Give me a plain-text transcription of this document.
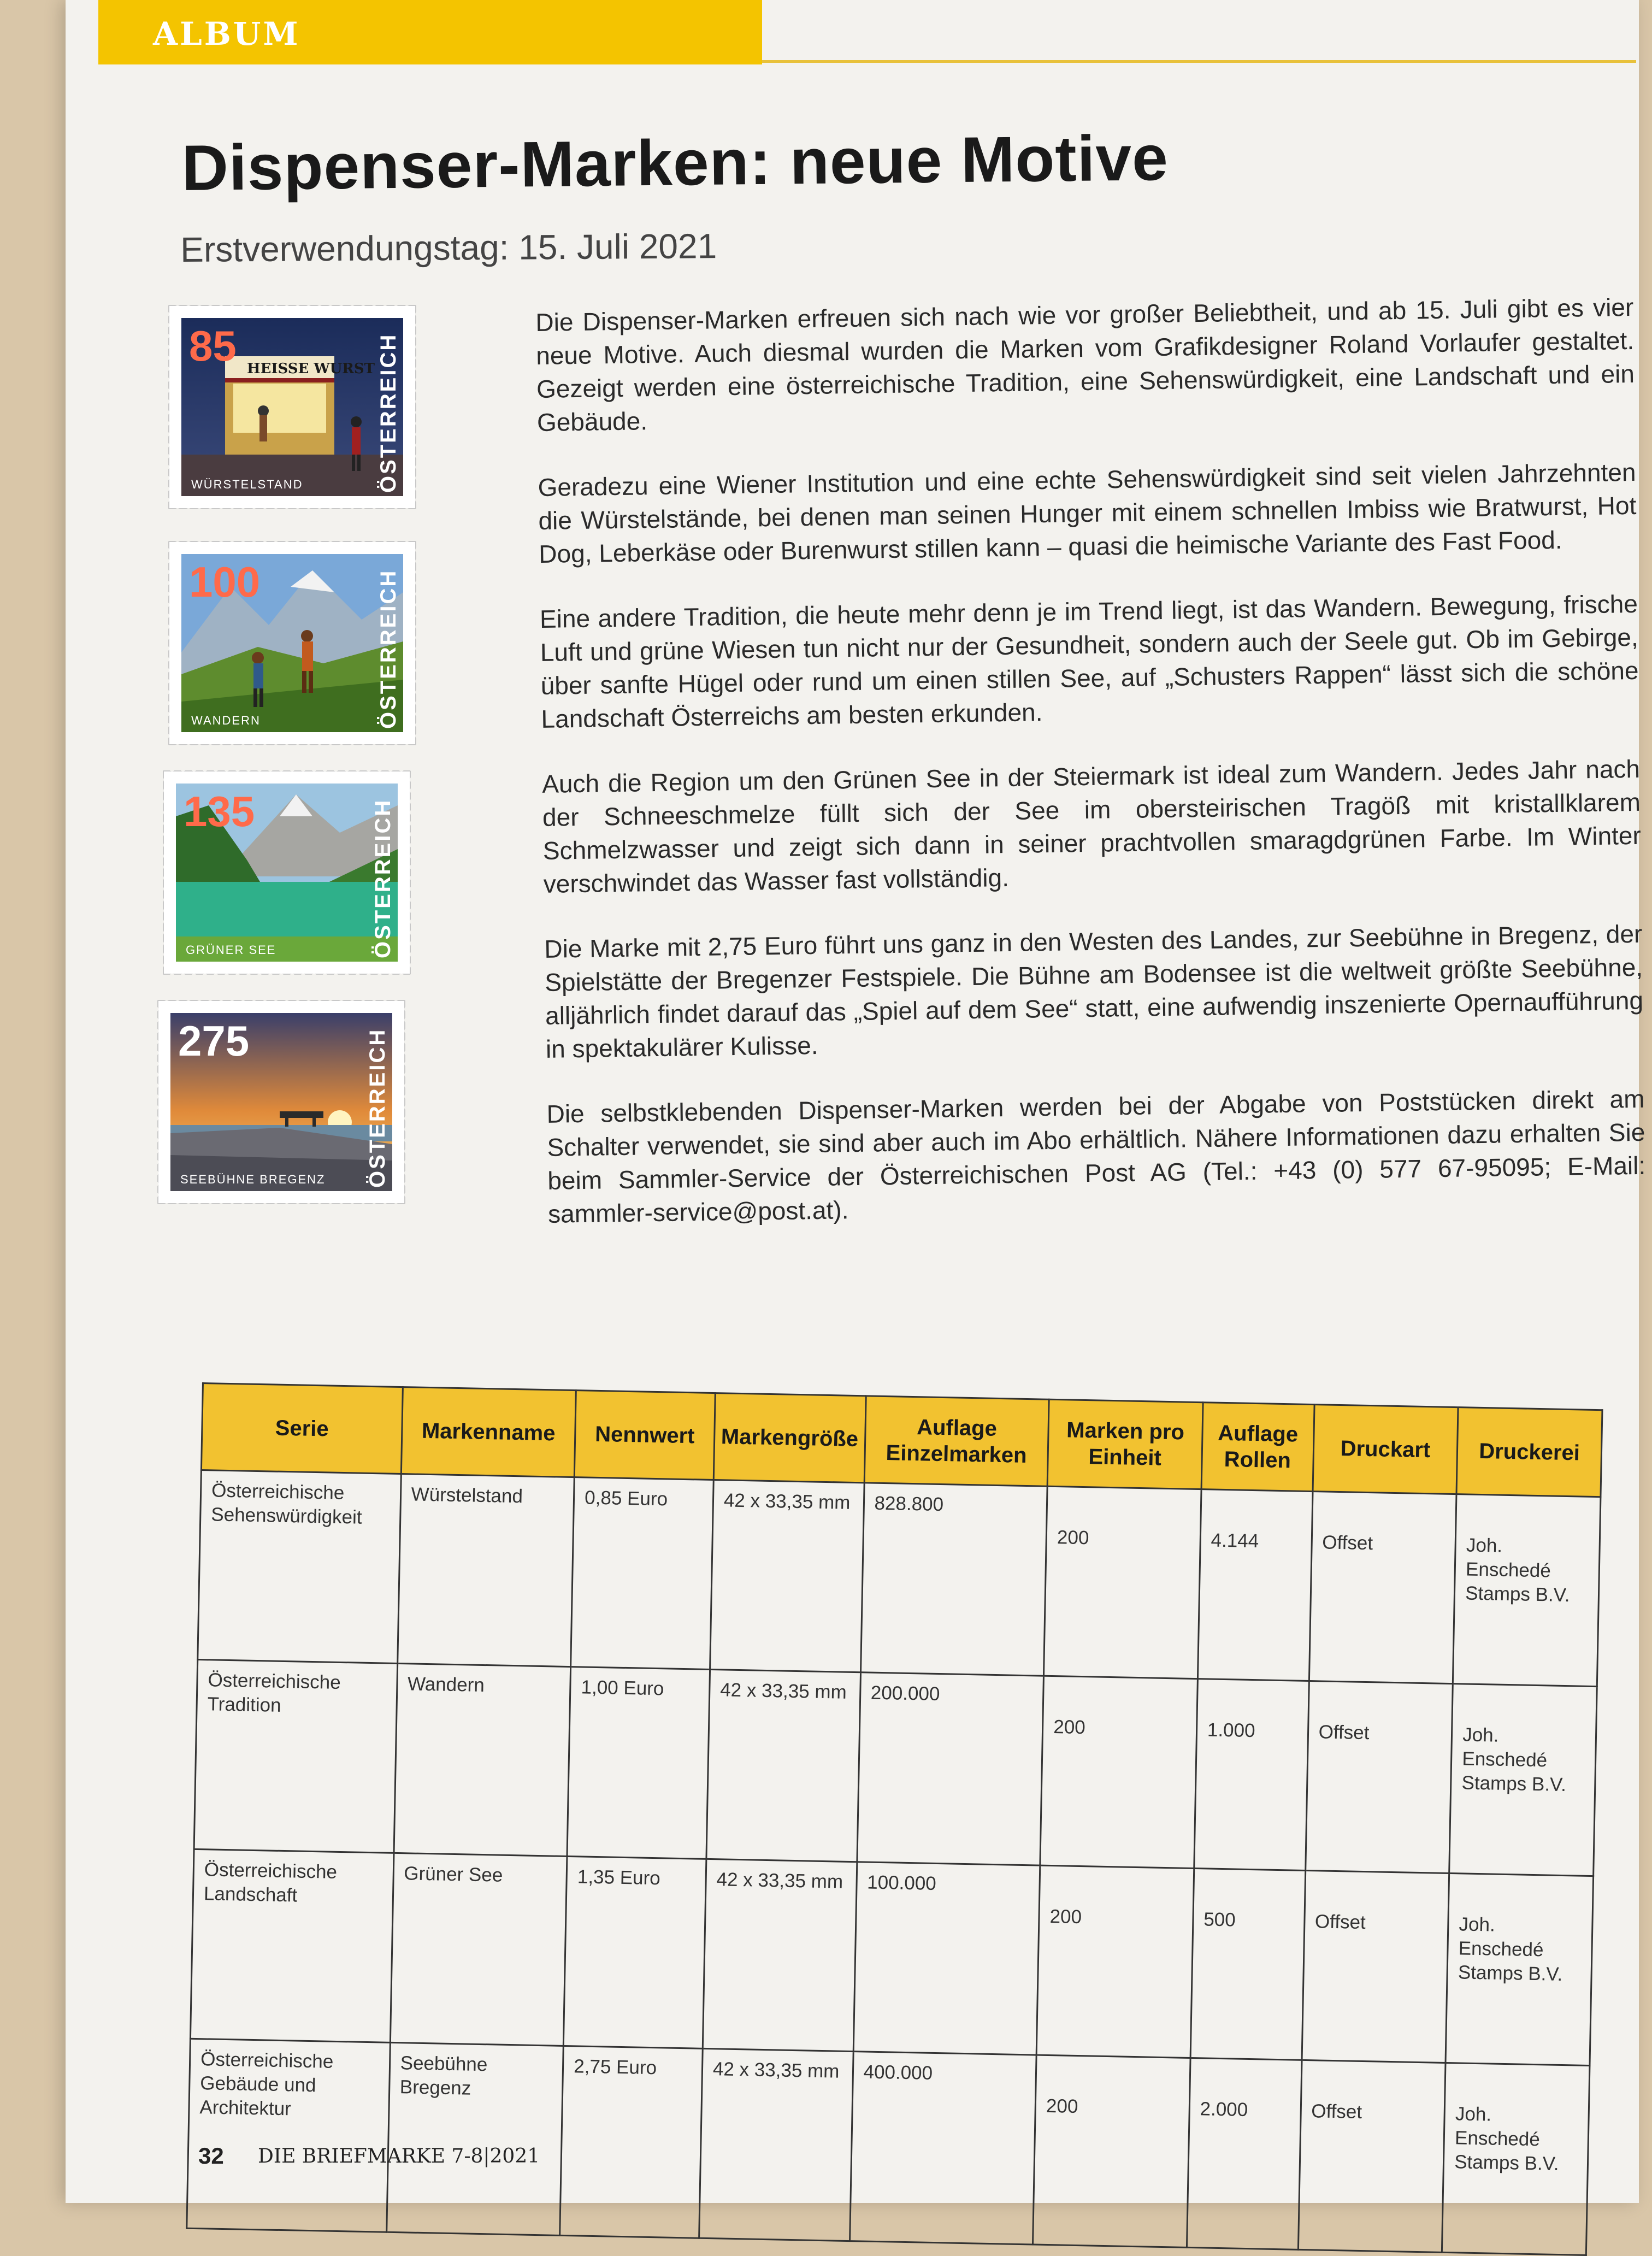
ALBUM
Dispenser-Marken: neue Motive
Erstverwendungstag: 15. Juli 2021
85 HEISSE WURST ÖSTERREICH
WÜRSTELSTAND
100	ÖSTERREICH
WANDERN
135	ÖSTERREICH
GRÜNER SEE
275	ÖSTERREICH
SEEBÜHNE BREGENZ

Die Dispenser-Marken erfreuen sich nach wie vor großer Beliebtheit, und ab 15. Juli gibt es vier neue Motive. Auch diesmal wurden die Marken vom Grafikdesigner Roland Vorlaufer gestaltet. Gezeigt werden eine österreichische Tradition, eine Sehenswürdigkeit, eine Landschaft und ein Gebäude.

Geradezu eine Wiener Institution und eine echte Sehenswürdigkeit sind seit vielen Jahrzehnten die Würstelstände, bei denen man seinen Hunger mit einem schnellen Imbiss wie Bratwurst, Hot Dog, Leberkäse oder Burenwurst stillen kann – quasi die heimische Variante des Fast Food.

Eine andere Tradition, die heute mehr denn je im Trend liegt, ist das Wandern. Bewegung, frische Luft und grüne Wiesen tun nicht nur der Gesundheit, sondern auch der Seele gut. Ob im Gebirge, über sanfte Hügel oder rund um einen stillen See, auf „Schusters Rappen“ lässt sich die schöne Landschaft Österreichs am besten erkunden.

Auch die Region um den Grünen See in der Steiermark ist ideal zum Wandern. Jedes Jahr nach der Schneeschmelze füllt sich der See im obersteirischen Tragöß mit kristallklarem Schmelzwasser und zeigt sich dann in seiner prachtvollen smaragdgrünen Farbe. Im Winter verschwindet das Wasser fast vollständig.

Die Marke mit 2,75 Euro führt uns ganz in den Westen des Landes, zur Seebühne in Bregenz, der Spielstätte der Bregenzer Festspiele. Die Bühne am Bodensee ist die weltweit größte Seebühne, alljährlich findet darauf das „Spiel auf dem See“ statt, eine aufwendig inszenierte Opernaufführung in spektakulärer Kulisse.

Die selbstklebenden Dispenser-Marken werden bei der Abgabe von Poststücken direkt am Schalter verwendet, sie sind aber auch im Abo erhältlich. Nähere Informationen dazu erhalten Sie beim Sammler-Service der Österreichischen Post AG (Tel.: +43 (0) 577 67-95095; E-Mail: sammler-service@post.at).

Serie	Markenname	Nennwert	Markengröße	Auflage Einzelmarken	Marken pro Einheit	Auflage Rollen	Druckart	Druckerei
Österreichische Sehenswürdigkeit	Würstelstand	0,85 Euro	42 x 33,35 mm	828.800	200	4.144	Offset	Joh. Enschedé Stamps B.V.
Österreichische Tradition	Wandern	1,00 Euro	42 x 33,35 mm	200.000	200	1.000	Offset	Joh. Enschedé Stamps B.V.
Österreichische Landschaft	Grüner See	1,35 Euro	42 x 33,35 mm	100.000	200	500	Offset	Joh. Enschedé Stamps B.V.
Österreichische Gebäude und Architektur	Seebühne Bregenz	2,75 Euro	42 x 33,35 mm	400.000	200	2.000	Offset	Joh. Enschedé Stamps B.V.
32 DIE BRIEFMARKE 7-8|2021
